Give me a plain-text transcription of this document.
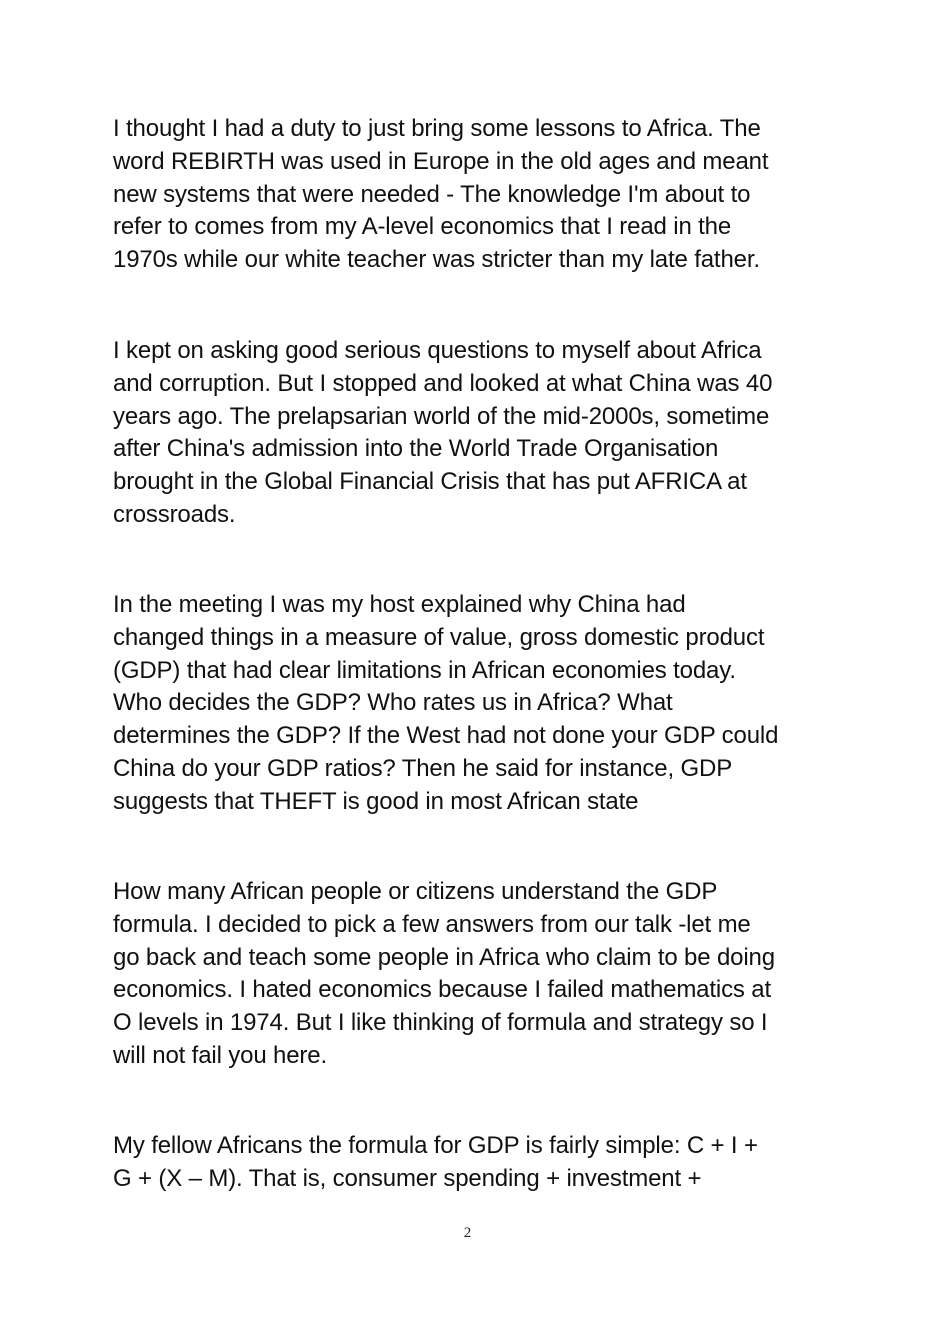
I thought I had a duty to just bring some lessons to Africa. The
word REBIRTH was used in Europe in the old ages and meant
new systems that were needed - The knowledge I'm about to
refer to comes from my A-level economics that I read in the
1970s while our white teacher was stricter than my late father.

I kept on asking good serious questions to myself about Africa
and corruption. But I stopped and looked at what China was 40
years ago. The prelapsarian world of the mid-2000s, sometime
after China's admission into the World Trade Organisation
brought in the Global Financial Crisis that has put AFRICA at
crossroads.

In the meeting I was my host explained why China had
changed things in a measure of value, gross domestic product
(GDP) that had clear limitations in African economies today.
Who decides the GDP? Who rates us in Africa? What
determines the GDP? If the West had not done your GDP could
China do your GDP ratios? Then he said for instance, GDP
suggests that THEFT is good in most African state

How many African people or citizens understand the GDP
formula. I decided to pick a few answers from our talk -let me
go back and teach some people in Africa who claim to be doing
economics. I hated economics because I failed mathematics at
O levels in 1974. But I like thinking of formula and strategy so I
will not fail you here.

My fellow Africans the formula for GDP is fairly simple: C + I +
G + (X – M). That is, consumer spending + investment +

2
